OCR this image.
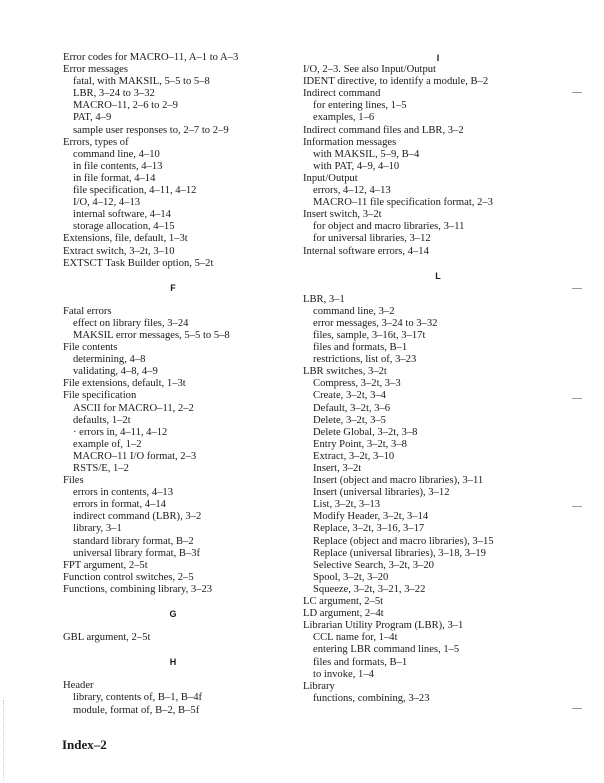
Error codes for MACRO–11, A–1 to A–3
Error messages
fatal, with MAKSIL, 5–5 to 5–8
LBR, 3–24 to 3–32
MACRO–11, 2–6 to 2–9
PAT, 4–9
sample user responses to, 2–7 to 2–9
Errors, types of
command line, 4–10
in file contents, 4–13
in file format, 4–14
file specification, 4–11, 4–12
I/O, 4–12, 4–13
internal software, 4–14
storage allocation, 4–15
Extensions, file, default, 1–3t
Extract switch, 3–2t, 3–10
EXTSCT Task Builder option, 5–2t
F
Fatal errors
effect on library files, 3–24
MAKSIL error messages, 5–5 to 5–8
File contents
determining, 4–8
validating, 4–8, 4–9
File extensions, default, 1–3t
File specification
ASCII for MACRO–11, 2–2
defaults, 1–2t
· errors in, 4–11, 4–12
example of, 1–2
MACRO–11 I/O format, 2–3
RSTS/E, 1–2
Files
errors in contents, 4–13
errors in format, 4–14
indirect command (LBR), 3–2
library, 3–1
standard library format, B–2
universal library format, B–3f
FPT argument, 2–5t
Function control switches, 2–5
Functions, combining library, 3–23
G
GBL argument, 2–5t
H
Header
library, contents of, B–1, B–4f
module, format of, B–2, B–5f
I
I/O, 2–3. See also Input/Output
IDENT directive, to identify a module, B–2
Indirect command
for entering lines, 1–5
examples, 1–6
Indirect command files and LBR, 3–2
Information messages
with MAKSIL, 5–9, B–4
with PAT, 4–9, 4–10
Input/Output
errors, 4–12, 4–13
MACRO–11 file specification format, 2–3
Insert switch, 3–2t
for object and macro libraries, 3–11
for universal libraries, 3–12
Internal software errors, 4–14
L
LBR, 3–1
command line, 3–2
error messages, 3–24 to 3–32
files, sample, 3–16t, 3–17t
files and formats, B–1
restrictions, list of, 3–23
LBR switches, 3–2t
Compress, 3–2t, 3–3
Create, 3–2t, 3–4
Default, 3–2t, 3–6
Delete, 3–2t, 3–5
Delete Global, 3–2t, 3–8
Entry Point, 3–2t, 3–8
Extract, 3–2t, 3–10
Insert, 3–2t
Insert (object and macro libraries), 3–11
Insert (universal libraries), 3–12
List, 3–2t, 3–13
Modify Header, 3–2t, 3–14
Replace, 3–2t, 3–16, 3–17
Replace (object and macro libraries), 3–15
Replace (universal libraries), 3–18, 3–19
Selective Search, 3–2t, 3–20
Spool, 3–2t, 3–20
Squeeze, 3–2t, 3–21, 3–22
LC argument, 2–5t
LD argument, 2–4t
Librarian Utility Program (LBR), 3–1
CCL name for, 1–4t
entering LBR command lines, 1–5
files and formats, B–1
to invoke, 1–4
Library
functions, combining, 3–23
Index–2
